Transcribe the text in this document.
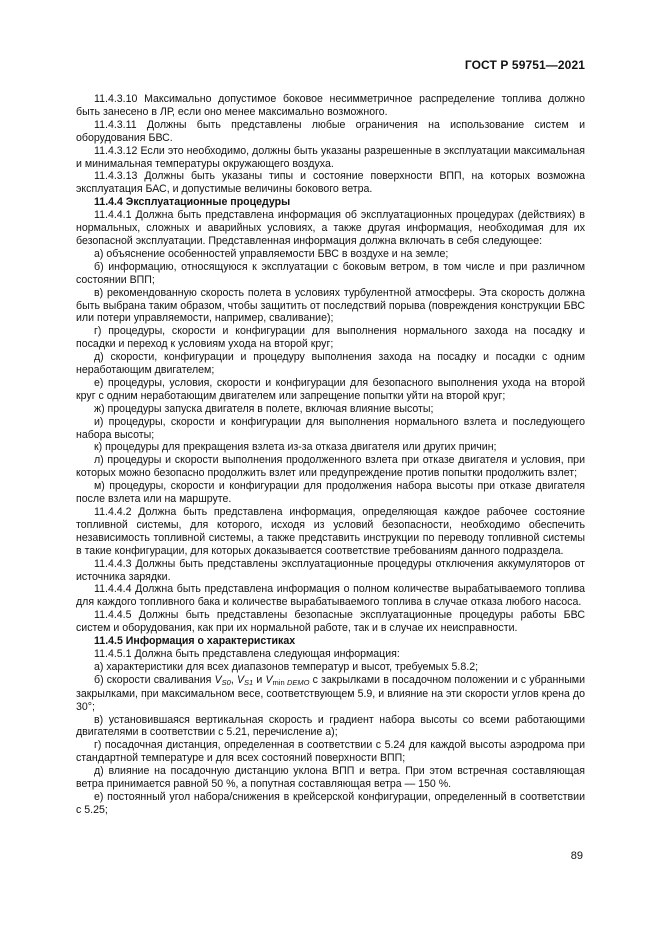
ГОСТ Р 59751—2021

11.4.3.10 Максимально допустимое боковое несимметричное распределение топлива должно быть занесено в ЛР, если оно менее максимально возможного.

11.4.3.11 Должны быть представлены любые ограничения на использование систем и оборудования БВС.

11.4.3.12 Если это необходимо, должны быть указаны разрешенные в эксплуатации максимальная и минимальная температуры окружающего воздуха.

11.4.3.13 Должны быть указаны типы и состояние поверхности ВПП, на которых возможна эксплуатация БАС, и допустимые величины бокового ветра.

11.4.4 Эксплуатационные процедуры

11.4.4.1 Должна быть представлена информация об эксплуатационных процедурах (действиях) в нормальных, сложных и аварийных условиях, а также другая информация, необходимая для их безопасной эксплуатации. Представленная информация должна включать в себя следующее:

а) объяснение особенностей управляемости БВС в воздухе и на земле;

б) информацию, относящуюся к эксплуатации с боковым ветром, в том числе и при различном состоянии ВПП;

в) рекомендованную скорость полета в условиях турбулентной атмосферы. Эта скорость должна быть выбрана таким образом, чтобы защитить от последствий порыва (повреждения конструкции БВС или потери управляемости, например, сваливание);

г) процедуры, скорости и конфигурации для выполнения нормального захода на посадку и посадки и переход к условиям ухода на второй круг;

д) скорости, конфигурации и процедуру выполнения захода на посадку и посадки с одним неработающим двигателем;

е) процедуры, условия, скорости и конфигурации для безопасного выполнения ухода на второй круг с одним неработающим двигателем или запрещение попытки уйти на второй круг;

ж) процедуры запуска двигателя в полете, включая влияние высоты;

и) процедуры, скорости и конфигурации для выполнения нормального взлета и последующего набора высоты;

к) процедуры для прекращения взлета из-за отказа двигателя или других причин;

л) процедуры и скорости выполнения продолженного взлета при отказе двигателя и условия, при которых можно безопасно продолжить взлет или предупреждение против попытки продолжить взлет;

м) процедуры, скорости и конфигурации для продолжения набора высоты при отказе двигателя после взлета или на маршруте.

11.4.4.2 Должна быть представлена информация, определяющая каждое рабочее состояние топливной системы, для которого, исходя из условий безопасности, необходимо обеспечить независимость топливной системы, а также представить инструкции по переводу топливной системы в такие конфигурации, для которых доказывается соответствие требованиям данного подраздела.

11.4.4.3 Должны быть представлены эксплуатационные процедуры отключения аккумуляторов от источника зарядки.

11.4.4.4 Должна быть представлена информация о полном количестве вырабатываемого топлива для каждого топливного бака и количестве вырабатываемого топлива в случае отказа любого насоса.

11.4.4.5 Должны быть представлены безопасные эксплуатационные процедуры работы БВС систем и оборудования, как при их нормальной работе, так и в случае их неисправности.

11.4.5 Информация о характеристиках

11.4.5.1 Должна быть представлена следующая информация:

а) характеристики для всех диапазонов температур и высот, требуемых 5.8.2;

б) скорости сваливания VS0, VS1 и Vmin DEMO с закрылками в посадочном положении и с убранными закрылками, при максимальном весе, соответствующем 5.9, и влияние на эти скорости углов крена до 30°;

в) установившаяся вертикальная скорость и градиент набора высоты со всеми работающими двигателями в соответствии с 5.21, перечисление а);

г) посадочная дистанция, определенная в соответствии с 5.24 для каждой высоты аэродрома при стандартной температуре и для всех состояний поверхности ВПП;

д) влияние на посадочную дистанцию уклона ВПП и ветра. При этом встречная составляющая ветра принимается равной 50 %, а попутная составляющая ветра — 150 %.

е) постоянный угол набора/снижения в крейсерской конфигурации, определенный в соответствии с 5.25;

89
